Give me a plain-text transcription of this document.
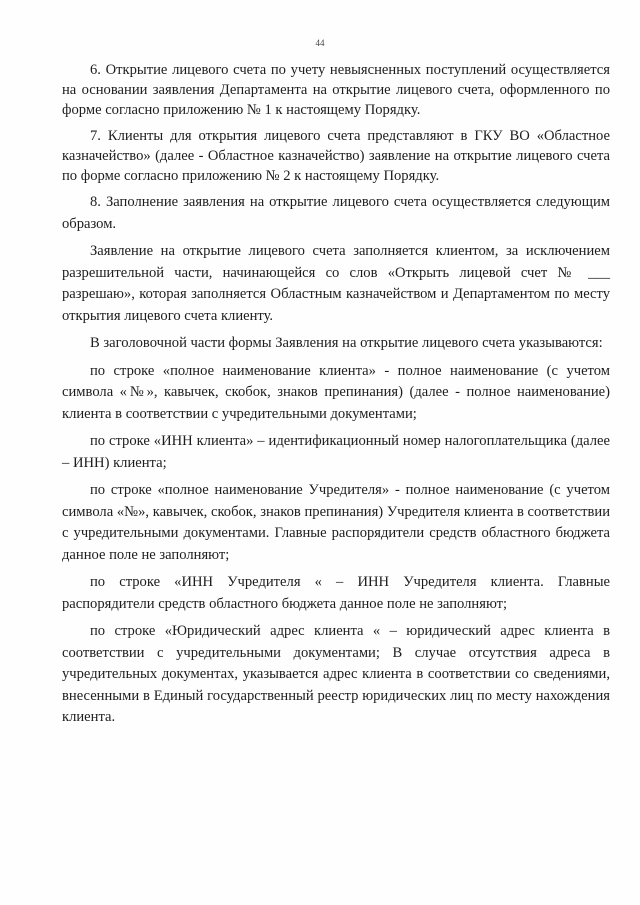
44

6. Открытие лицевого счета по учету невыясненных поступлений осуществляется на основании заявления Департамента на открытие лицевого счета, оформленного по форме согласно приложению № 1 к настоящему Порядку.

7. Клиенты для открытия лицевого счета представляют в ГКУ ВО «Областное казначейство» (далее - Областное казначейство) заявление на открытие лицевого счета по форме согласно приложению № 2 к настоящему Порядку.

8. Заполнение заявления на открытие лицевого счета осуществляется следующим образом.

Заявление на открытие лицевого счета заполняется клиентом, за исключением разрешительной части, начинающейся со слов «Открыть лицевой счет № ___ разрешаю», которая заполняется Областным казначейством и Департаментом по месту открытия лицевого счета клиенту.

В заголовочной части формы Заявления на открытие лицевого счета указываются:

по строке «полное наименование клиента» - полное наименование (с учетом символа «№», кавычек, скобок, знаков препинания) (далее - полное наименование) клиента в соответствии с учредительными документами;

по строке «ИНН клиента» – идентификационный номер налогоплательщика (далее – ИНН) клиента;

по строке «полное наименование Учредителя» - полное наименование (с учетом символа «№», кавычек, скобок, знаков препинания) Учредителя клиента в соответствии с учредительными документами. Главные распорядители средств областного бюджета данное поле не заполняют;

по строке «ИНН Учредителя « – ИНН Учредителя клиента. Главные распорядители средств областного бюджета данное поле не заполняют;

по строке «Юридический адрес клиента « – юридический адрес клиента в соответствии с учредительными документами; В случае отсутствия адреса в учредительных документах, указывается адрес клиента в соответствии со сведениями, внесенными в Единый государственный реестр юридических лиц по месту нахождения клиента.
